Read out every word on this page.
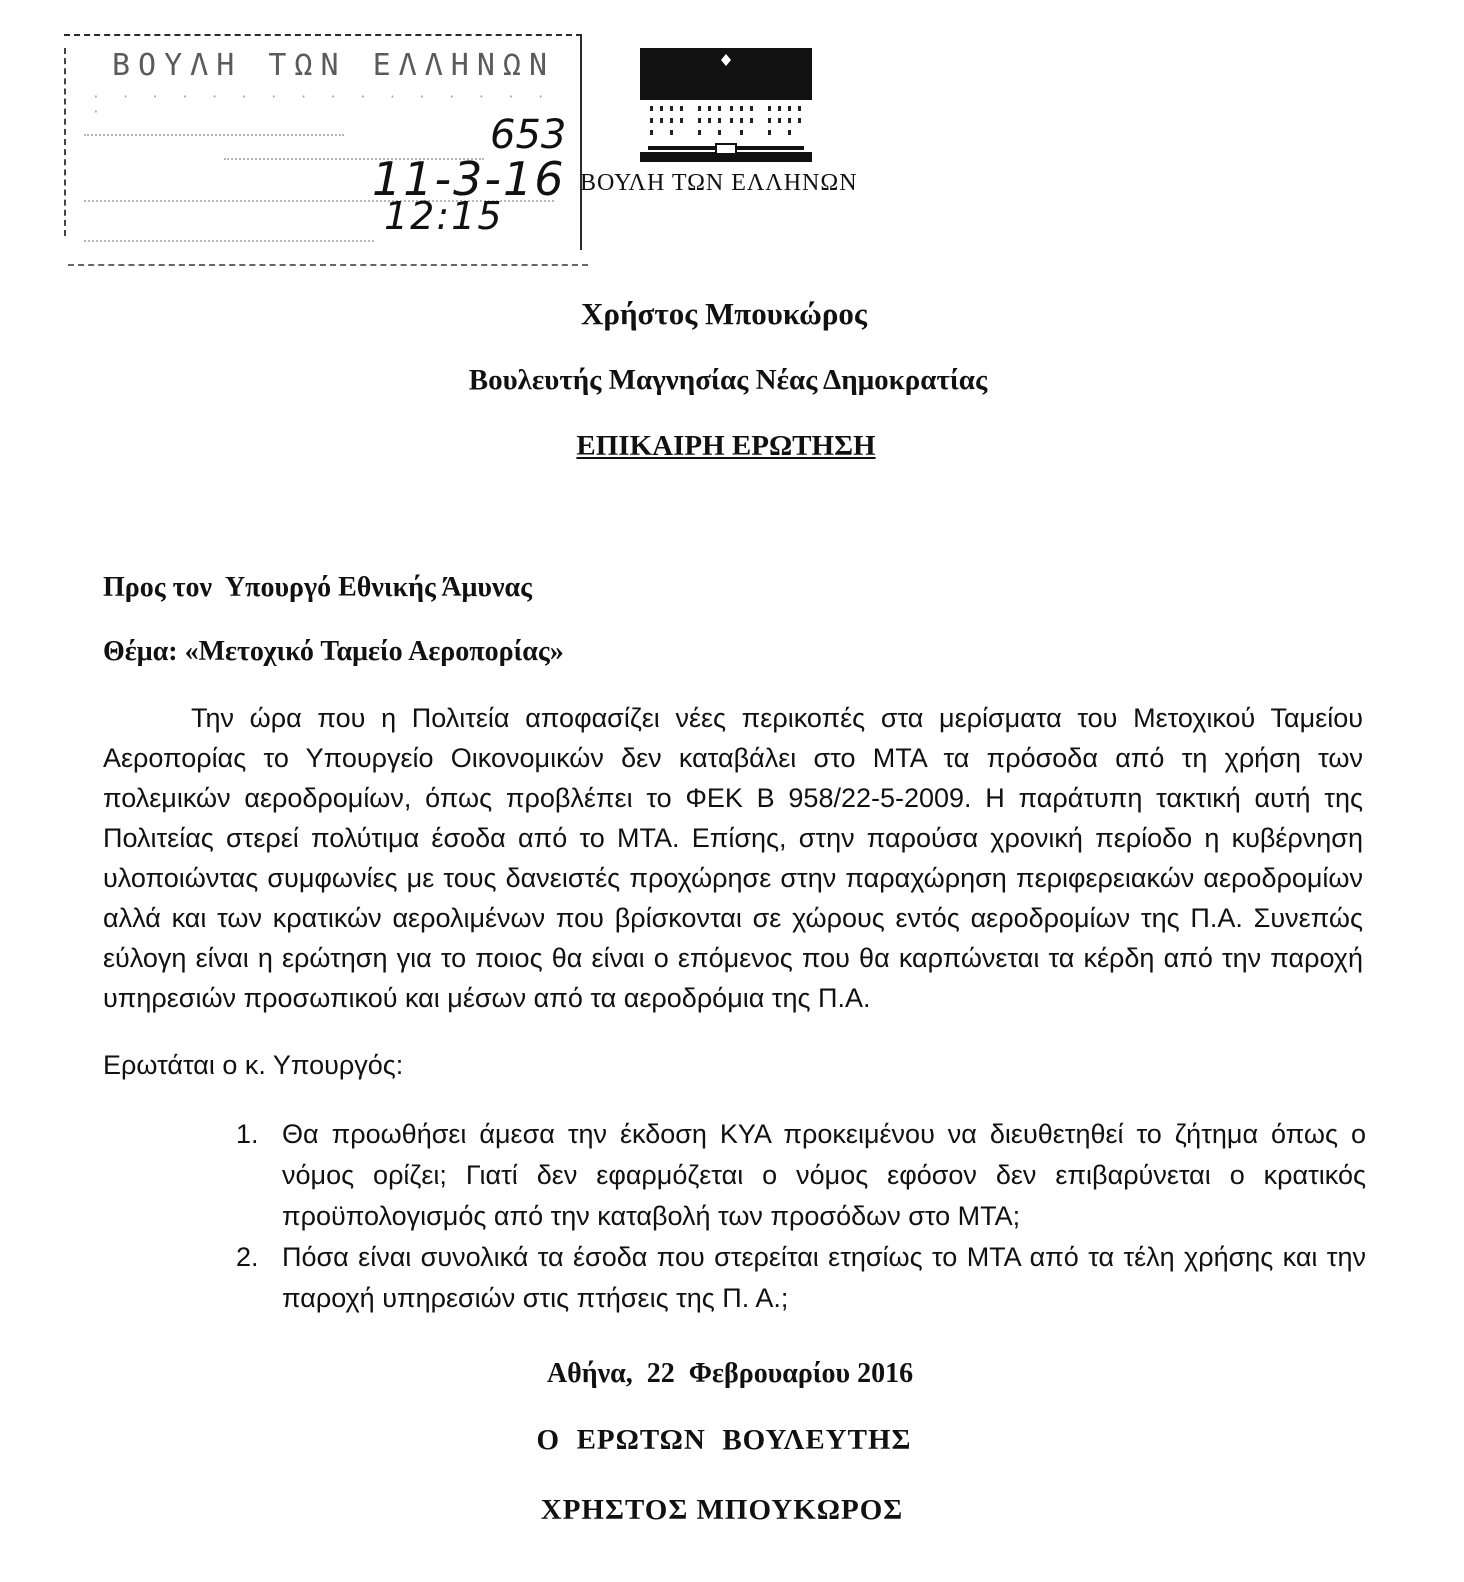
ΒΟΥΛΗ ΤΩΝ ΕΛΛΗΝΩΝ
· · · · · · · · · · · · · · · · ·	653
11-3-16
12:15
ΒΟΥΛΗ ΤΩΝ ΕΛΛΗΝΩΝ
Χρήστος Μπουκώρος
Βουλευτής Μαγνησίας Νέας Δημοκρατίας
ΕΠΙΚΑΙΡΗ ΕΡΩΤΗΣΗ
Προς τον  Υπουργό Εθνικής Άμυνας
Θέμα: «Μετοχικό Ταμείο Αεροπορίας»
Την ώρα που η Πολιτεία αποφασίζει νέες περικοπές στα μερίσματα του Μετοχικού Ταμείου Αεροπορίας το Υπουργείο Οικονομικών δεν καταβάλει στο ΜΤΑ τα πρόσοδα από τη χρήση των πολεμικών αεροδρομίων, όπως προβλέπει το ΦΕΚ Β 958/22-5-2009. Η παράτυπη τακτική αυτή της Πολιτείας στερεί πολύτιμα έσοδα από το ΜΤΑ. Επίσης, στην παρούσα χρονική περίοδο η κυβέρνηση υλοποιώντας συμφωνίες με τους δανειστές προχώρησε στην παραχώρηση περιφερειακών αεροδρομίων αλλά και των κρατικών αερολιμένων που βρίσκονται σε χώρους εντός αεροδρομίων της Π.Α. Συνεπώς εύλογη είναι η ερώτηση για το ποιος θα είναι ο επόμενος που θα καρπώνεται τα κέρδη από την παροχή υπηρεσιών προσωπικού και μέσων από τα αεροδρόμια της Π.Α.
Ερωτάται ο κ. Υπουργός:
1. Θα προωθήσει άμεσα την έκδοση ΚΥΑ προκειμένου να διευθετηθεί το ζήτημα όπως ο νόμος ορίζει; Γιατί δεν εφαρμόζεται ο νόμος εφόσον δεν επιβαρύνεται ο κρατικός προϋπολογισμός από την καταβολή των προσόδων στο ΜΤΑ;
2. Πόσα είναι συνολικά τα έσοδα που στερείται ετησίως το ΜΤΑ από τα τέλη χρήσης και την παροχή υπηρεσιών στις πτήσεις της Π. Α.;
Αθήνα,  22  Φεβρουαρίου 2016
Ο  ΕΡΩΤΩΝ  ΒΟΥΛΕΥΤΗΣ
ΧΡΗΣΤΟΣ ΜΠΟΥΚΩΡΟΣ
